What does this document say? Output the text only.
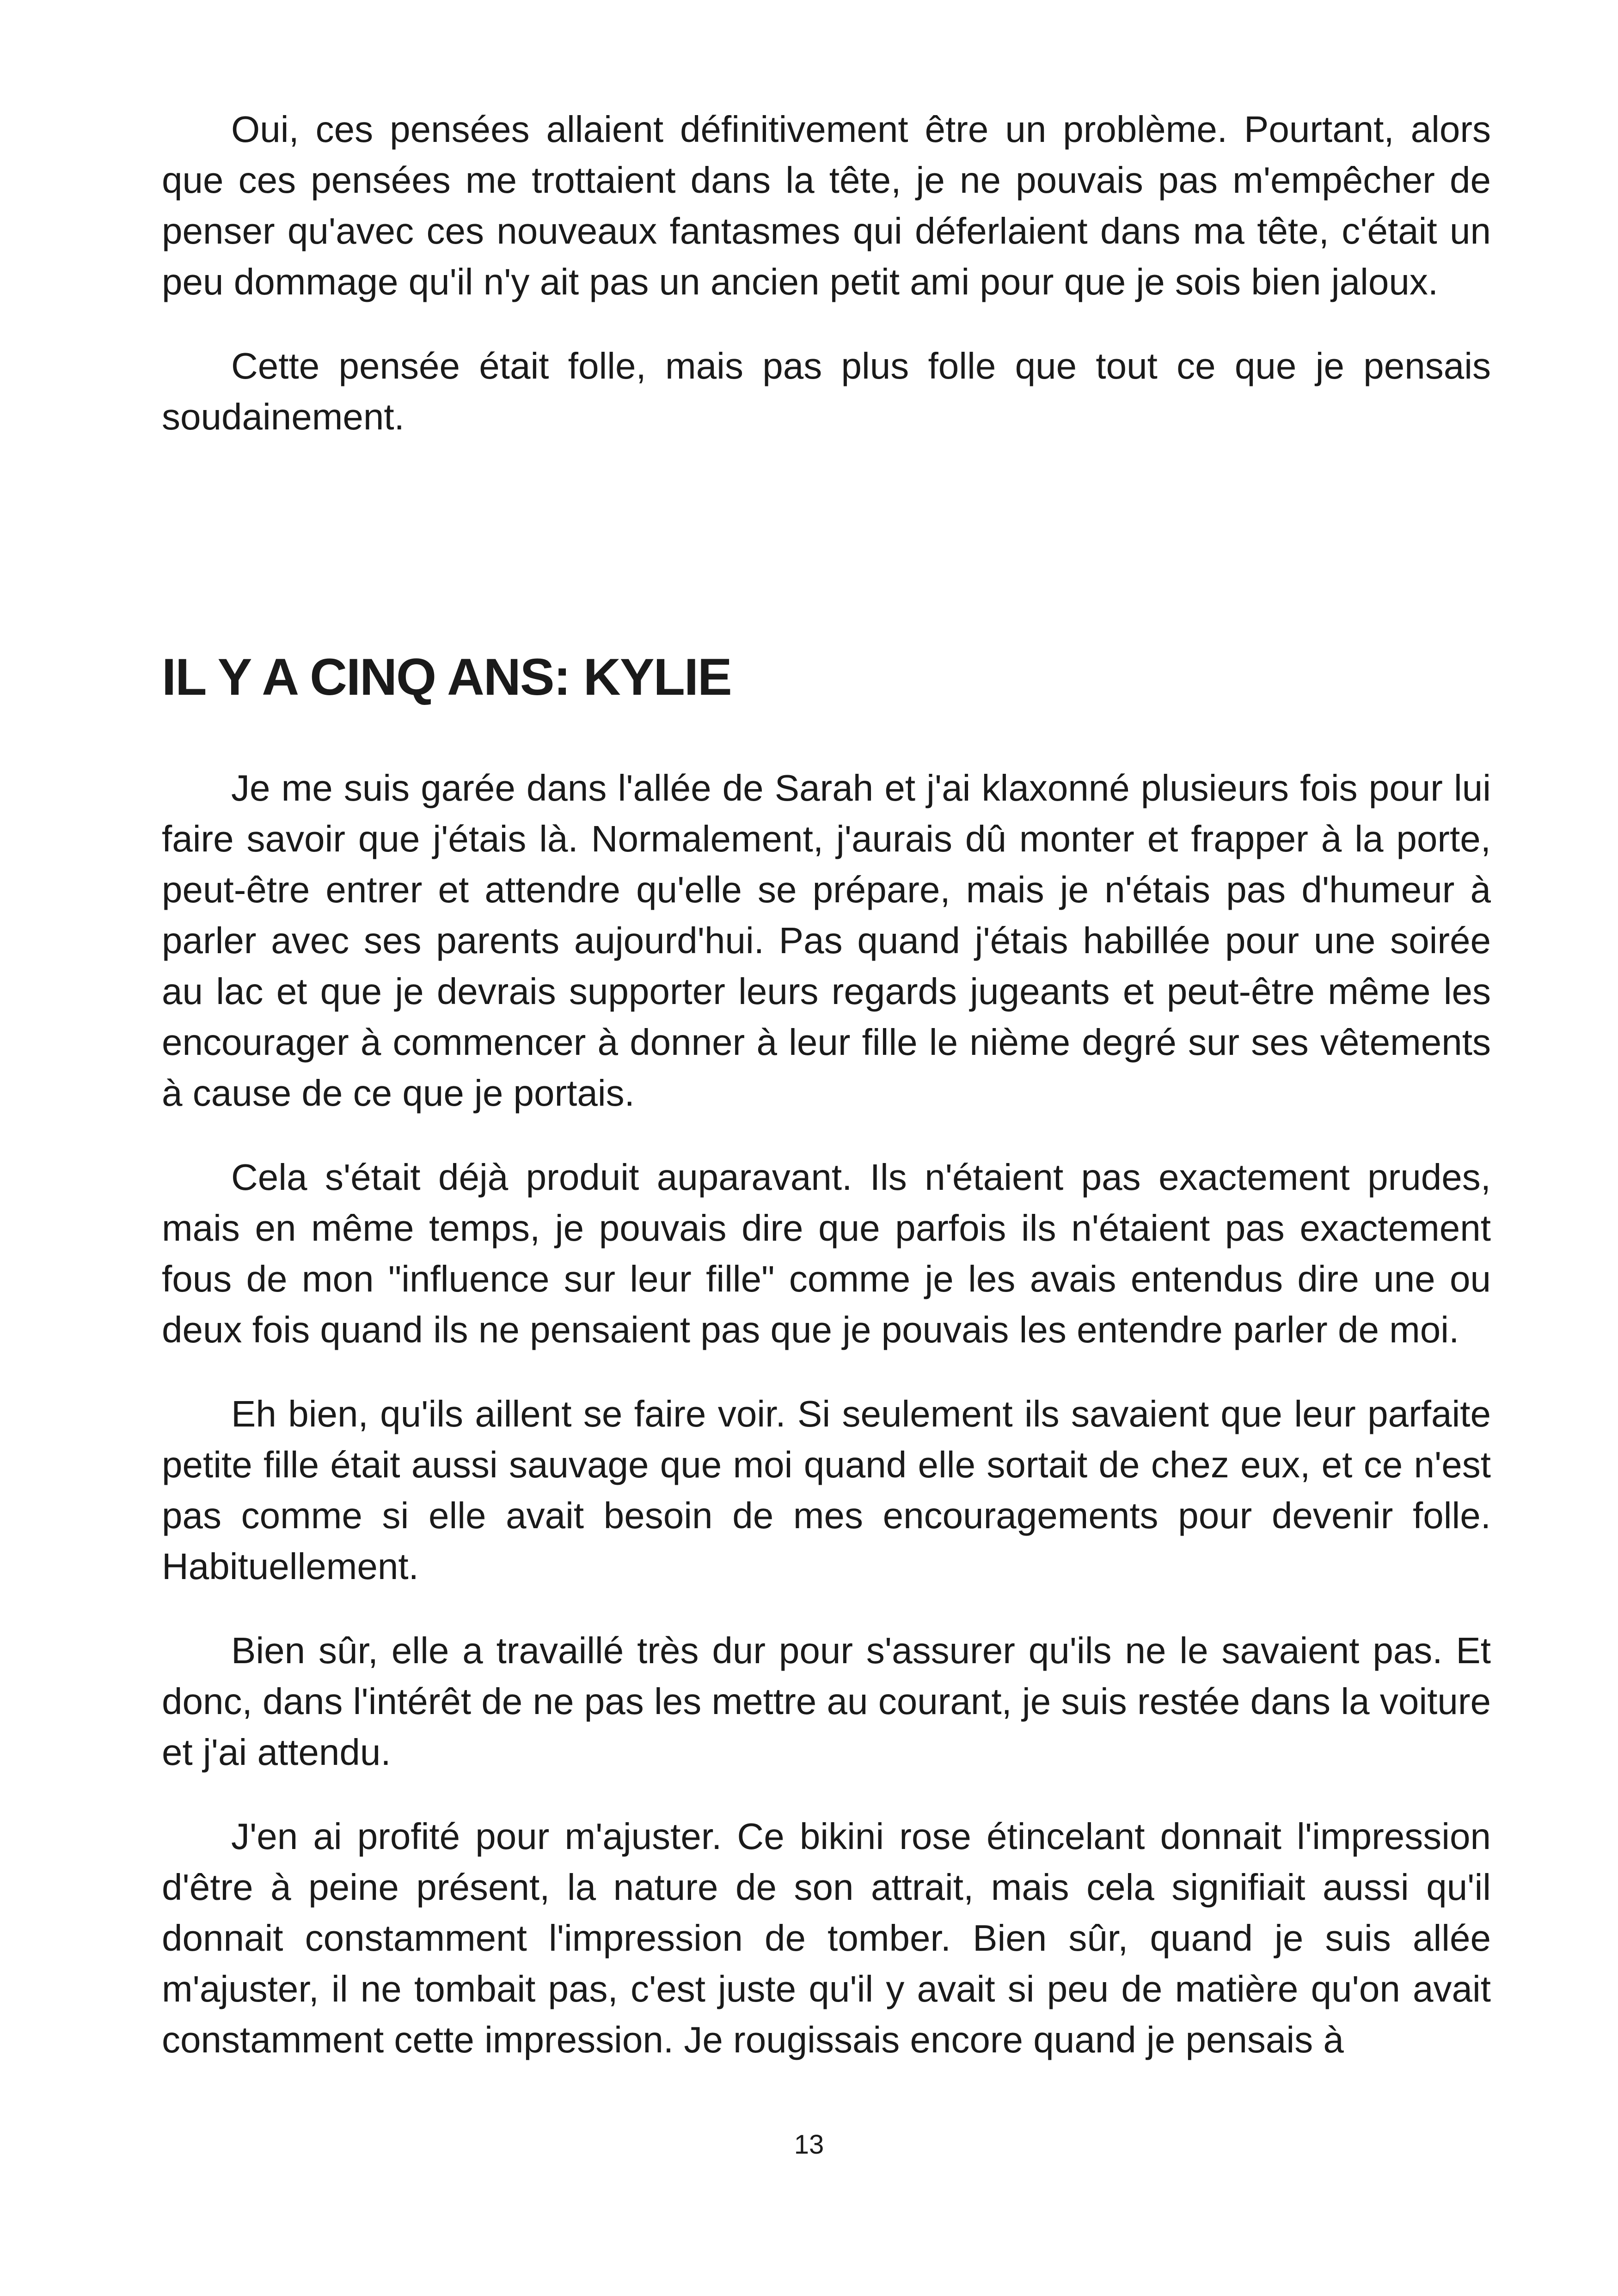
Oui, ces pensées allaient définitivement être un problème. Pourtant, alors que ces pensées me trottaient dans la tête, je ne pouvais pas m'empêcher de penser qu'avec ces nouveaux fantasmes qui déferlaient dans ma tête, c'était un peu dommage qu'il n'y ait pas un ancien petit ami pour que je sois bien jaloux.

Cette pensée était folle, mais pas plus folle que tout ce que je pensais soudainement.

IL Y A CINQ ANS: KYLIE

Je me suis garée dans l'allée de Sarah et j'ai klaxonné plusieurs fois pour lui faire savoir que j'étais là. Normalement, j'aurais dû monter et frapper à la porte, peut-être entrer et attendre qu'elle se prépare, mais je n'étais pas d'humeur à parler avec ses parents aujourd'hui. Pas quand j'étais habillée pour une soirée au lac et que je devrais supporter leurs regards jugeants et peut-être même les encourager à commencer à donner à leur fille le nième degré sur ses vêtements à cause de ce que je portais.

Cela s'était déjà produit auparavant. Ils n'étaient pas exactement prudes, mais en même temps, je pouvais dire que parfois ils n'étaient pas exactement fous de mon "influence sur leur fille" comme je les avais entendus dire une ou deux fois quand ils ne pensaient pas que je pouvais les entendre parler de moi.

Eh bien, qu'ils aillent se faire voir. Si seulement ils savaient que leur parfaite petite fille était aussi sauvage que moi quand elle sortait de chez eux, et ce n'est pas comme si elle avait besoin de mes encouragements pour devenir folle. Habituellement.

Bien sûr, elle a travaillé très dur pour s'assurer qu'ils ne le savaient pas. Et donc, dans l'intérêt de ne pas les mettre au courant, je suis restée dans la voiture et j'ai attendu.

J'en ai profité pour m'ajuster. Ce bikini rose étincelant donnait l'impression d'être à peine présent, la nature de son attrait, mais cela signifiait aussi qu'il donnait constamment l'impression de tomber. Bien sûr, quand je suis allée m'ajuster, il ne tombait pas, c'est juste qu'il y avait si peu de matière qu'on avait constamment cette impression. Je rougissais encore quand je pensais à

13
